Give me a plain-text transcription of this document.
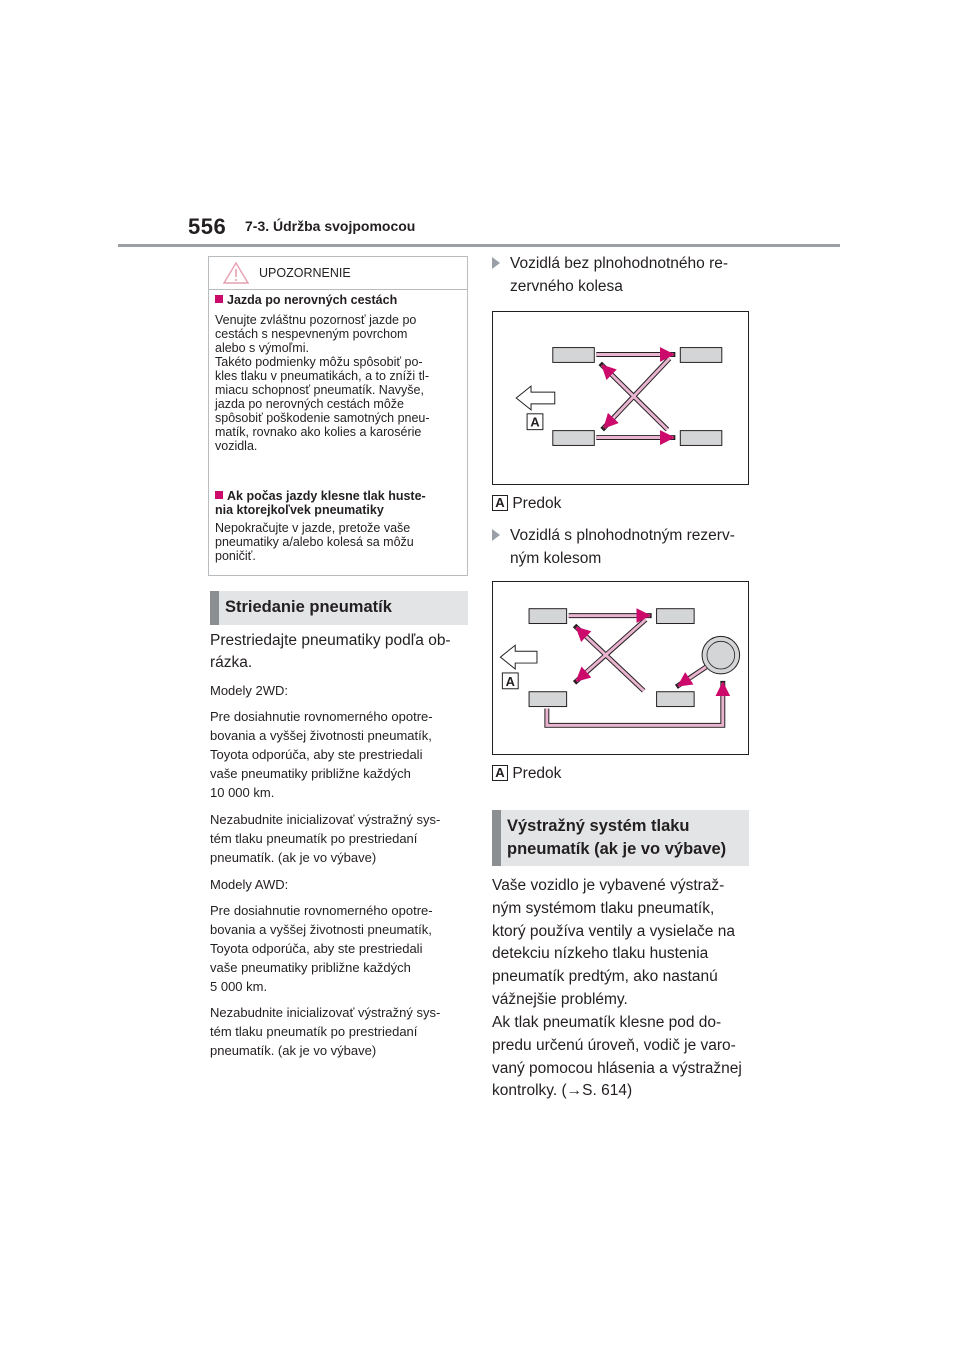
556 7-3. Údržba svojpomocou
UPOZORNENIE
Jazda po nerovných cestách
Venujte zvláštnu pozornosť jazde po
cestách s nespevneným povrchom
alebo s výmoľmi.
Takéto podmienky môžu spôsobiť po-
kles tlaku v pneumatikách, a to zníži tl-
miacu schopnosť pneumatík. Navyše,
jazda po nerovných cestách môže
spôsobiť poškodenie samotných pneu-
matík, rovnako ako kolies a karosérie
vozidla.
Ak počas jazdy klesne tlak huste-
nia ktorejkoľvek pneumatiky
Nepokračujte v jazde, pretože vaše
pneumatiky a/alebo kolesá sa môžu
poničiť.
Striedanie pneumatík
Prestriedajte pneumatiky podľa ob-
rázka.
Modely 2WD:
Pre dosiahnutie rovnomerného opotre-
bovania a vyššej životnosti pneumatík,
Toyota odporúča, aby ste prestriedali
vaše pneumatiky približne každých
10 000 km.
Nezabudnite inicializovať výstražný sys-
tém tlaku pneumatík po prestriedaní
pneumatík. (ak je vo výbave)
Modely AWD:
Pre dosiahnutie rovnomerného opotre-
bovania a vyššej životnosti pneumatík,
Toyota odporúča, aby ste prestriedali
vaše pneumatiky približne každých
5 000 km.
Nezabudnite inicializovať výstražný sys-
tém tlaku pneumatík po prestriedaní
pneumatík. (ak je vo výbave)
Vozidlá bez plnohodnotného re-
zervného kolesa
A
A Predok
Vozidlá s plnohodnotným rezerv-
ným kolesom
A
A Predok
Výstražný systém tlaku
pneumatík (ak je vo výbave)
Vaše vozidlo je vybavené výstraž-
ným systémom tlaku pneumatík,
ktorý používa ventily a vysielače na
detekciu nízkeho tlaku hustenia
pneumatík predtým, ako nastanú
vážnejšie problémy.
Ak tlak pneumatík klesne pod do-
predu určenú úroveň, vodič je varo-
vaný pomocou hlásenia a výstražnej
kontrolky. (→S. 614)
